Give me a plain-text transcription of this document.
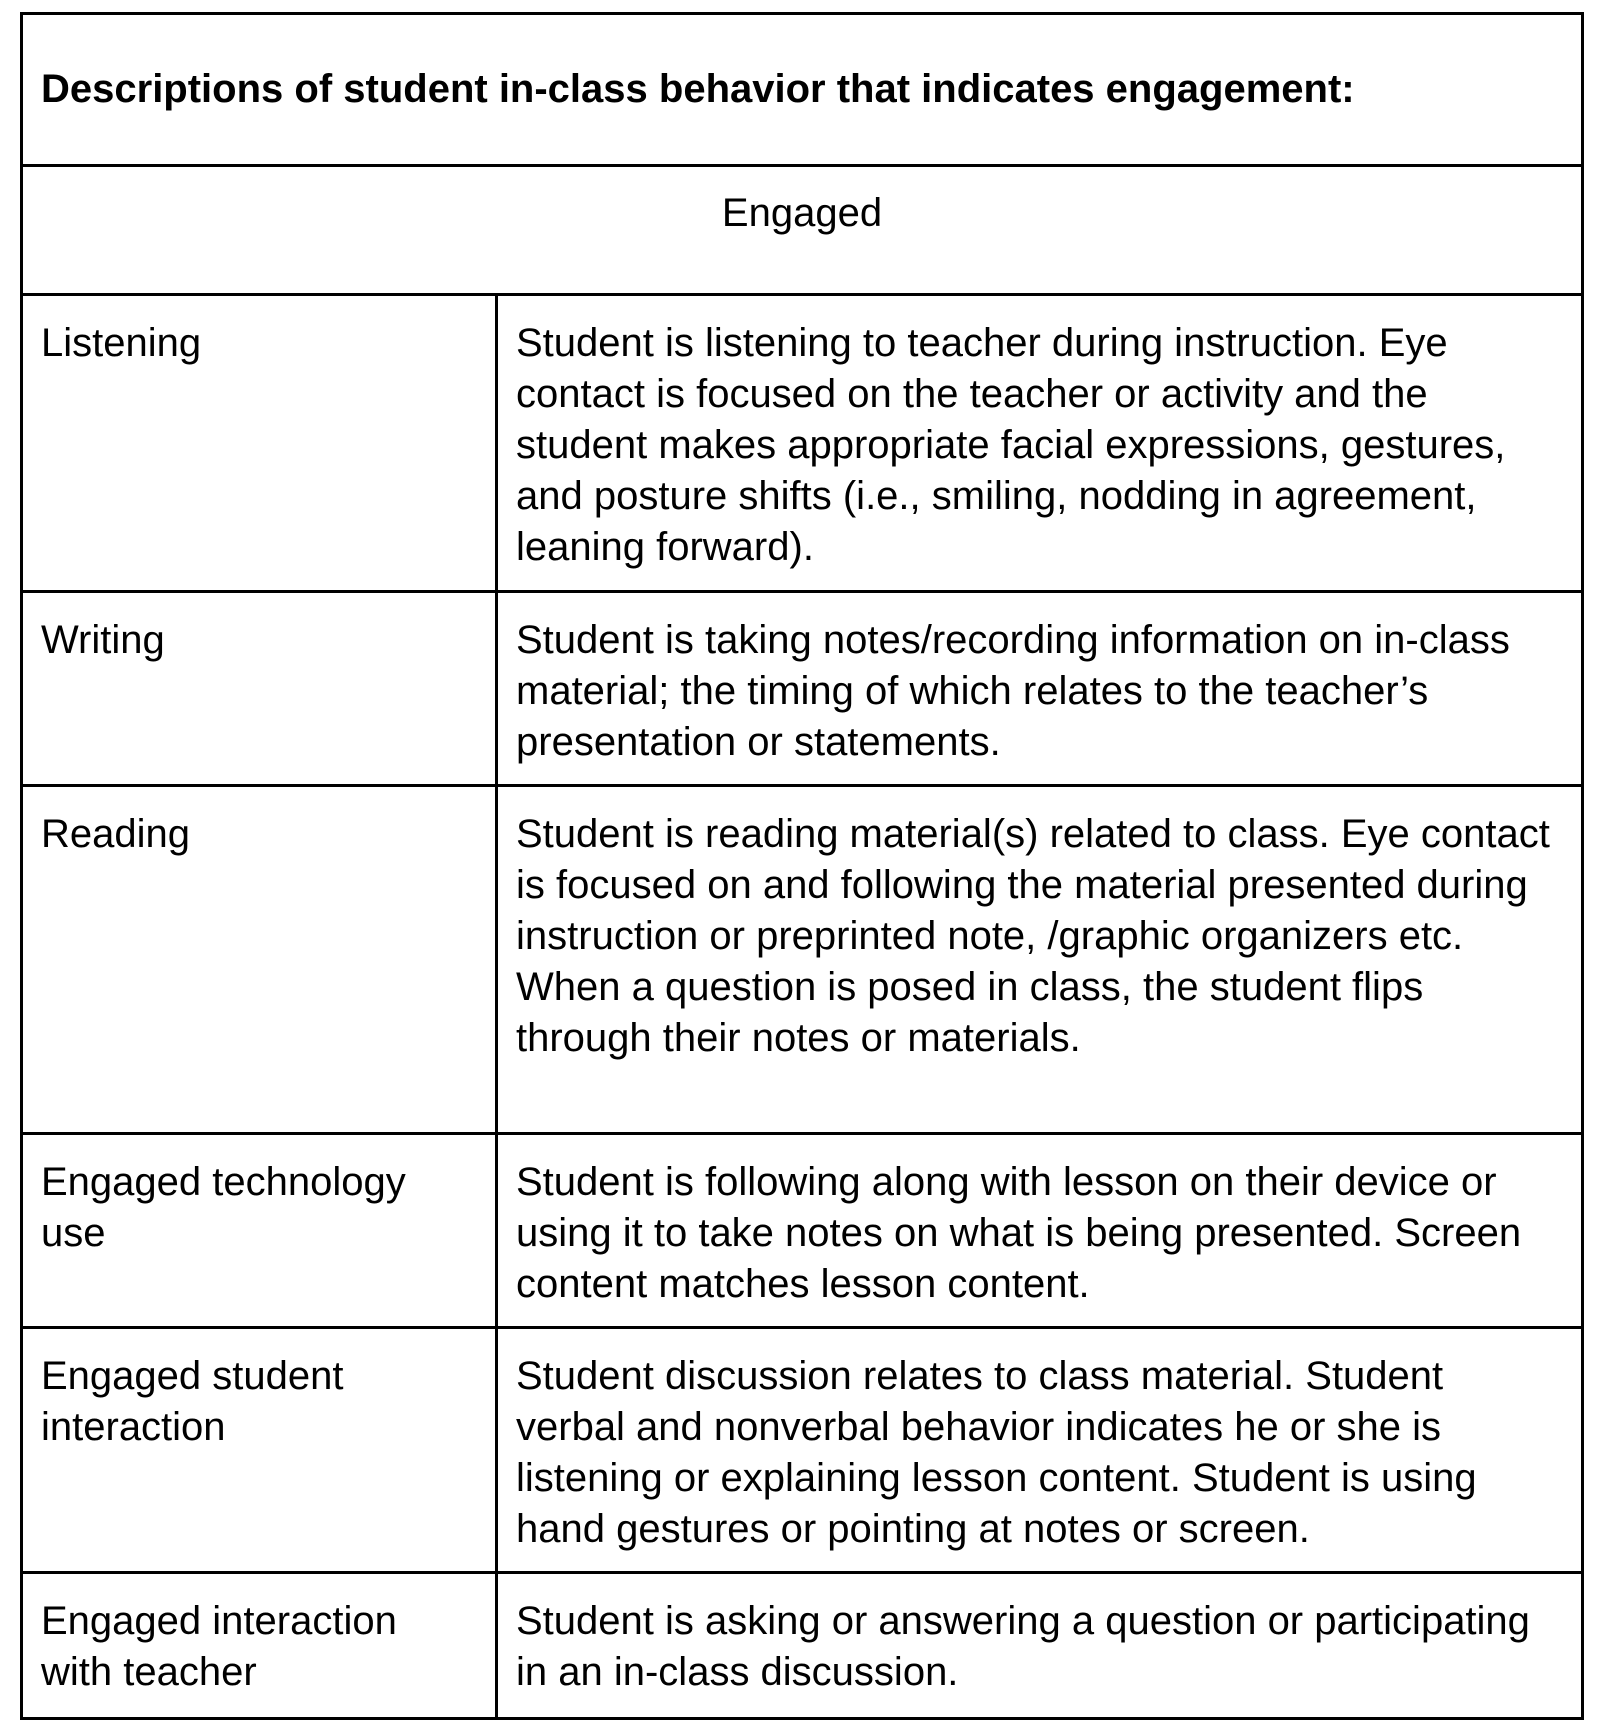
Descriptions of student in-class behavior that indicates engagement:	

Engaged	

Listening	Student is listening to teacher during instruction. Eye contact is focused on the teacher or activity and the student makes appropriate facial expressions, gestures, and posture shifts (i.e., smiling, nodding in agreement, leaning forward).
Writing	Student is taking notes/recording information on in-class material; the timing of which relates to the teacher’s presentation or statements.
Reading	Student is reading material(s) related to class. Eye contact is focused on and following the material presented during instruction or preprinted note, /graphic organizers etc. When a question is posed in class, the student flips through their notes or materials.
Engaged technology use	Student is following along with lesson on their device or using it to take notes on what is being presented. Screen content matches lesson content.
Engaged student interaction	Student discussion relates to class material. Student verbal and nonverbal behavior indicates he or she is listening or explaining lesson content. Student is using hand gestures or pointing at notes or screen.
Engaged interaction with teacher	Student is asking or answering a question or participating in an in-class discussion.
